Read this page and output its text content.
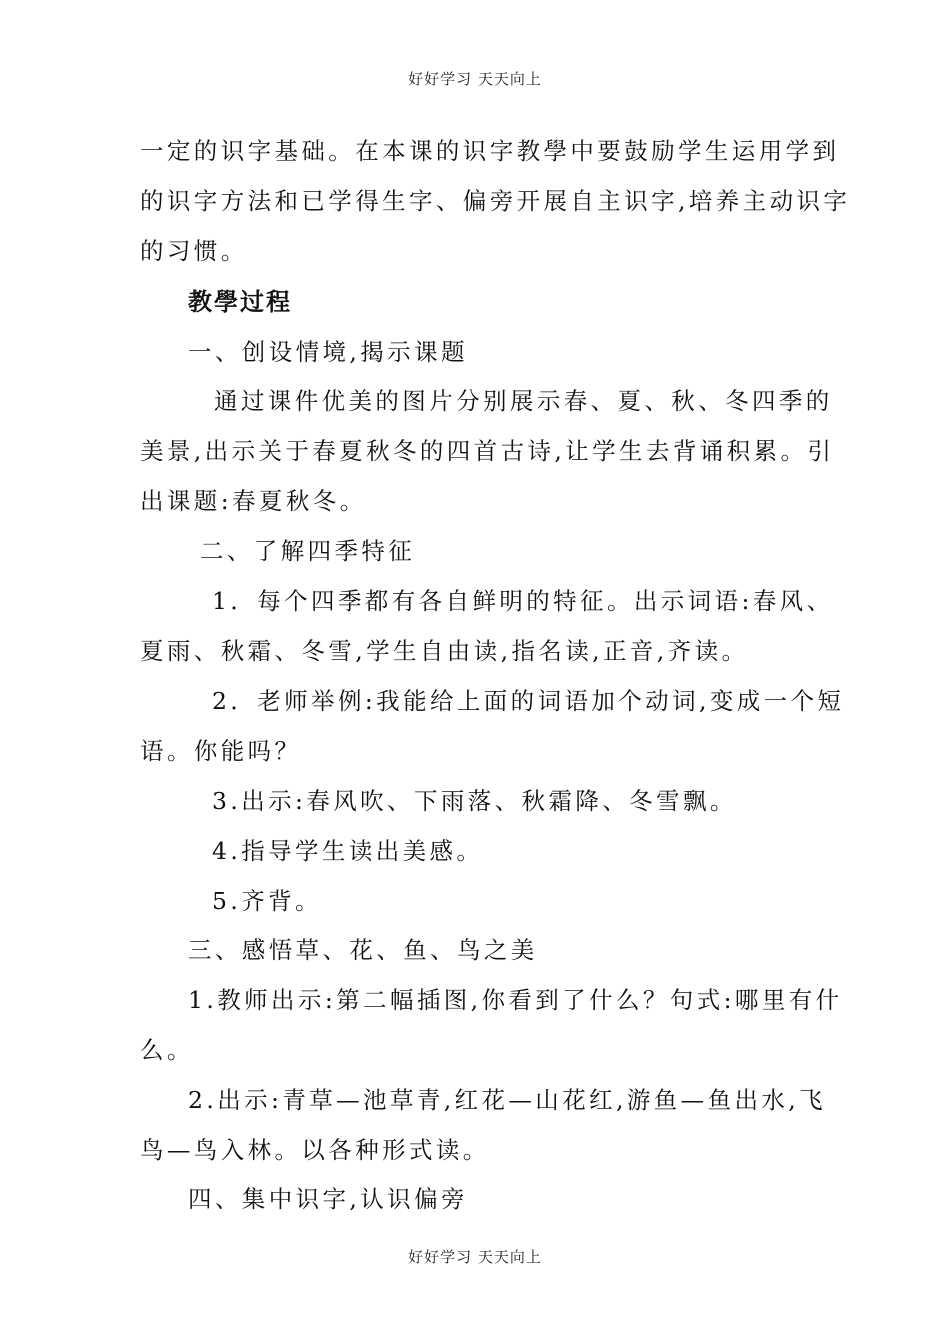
好好学习 天天向上
一定的识字基础。在本课的识字教學中要鼓励学生运用学到
的识字方法和已学得生字、偏旁开展自主识字,培养主动识字
的习惯。
教學过程
一、创设情境,揭示课题
通过课件优美的图片分别展示春、夏、秋、冬四季的
美景,出示关于春夏秋冬的四首古诗,让学生去背诵积累。引
出课题:春夏秋冬。
二、了解四季特征
1．每个四季都有各自鲜明的特征。出示词语:春风、
夏雨、秋霜、冬雪,学生自由读,指名读,正音,齐读。
2．老师举例:我能给上面的词语加个动词,变成一个短
语。你能吗？
3.出示:春风吹、下雨落、秋霜降、冬雪飘。
4.指导学生读出美感。
5.齐背。
三、感悟草、花、鱼、鸟之美
1.教师出示:第二幅插图,你看到了什么？句式:哪里有什
么。
2.出示:青草—池草青,红花—山花红,游鱼—鱼出水,飞
鸟—鸟入林。以各种形式读。
四、集中识字,认识偏旁
好好学习 天天向上
